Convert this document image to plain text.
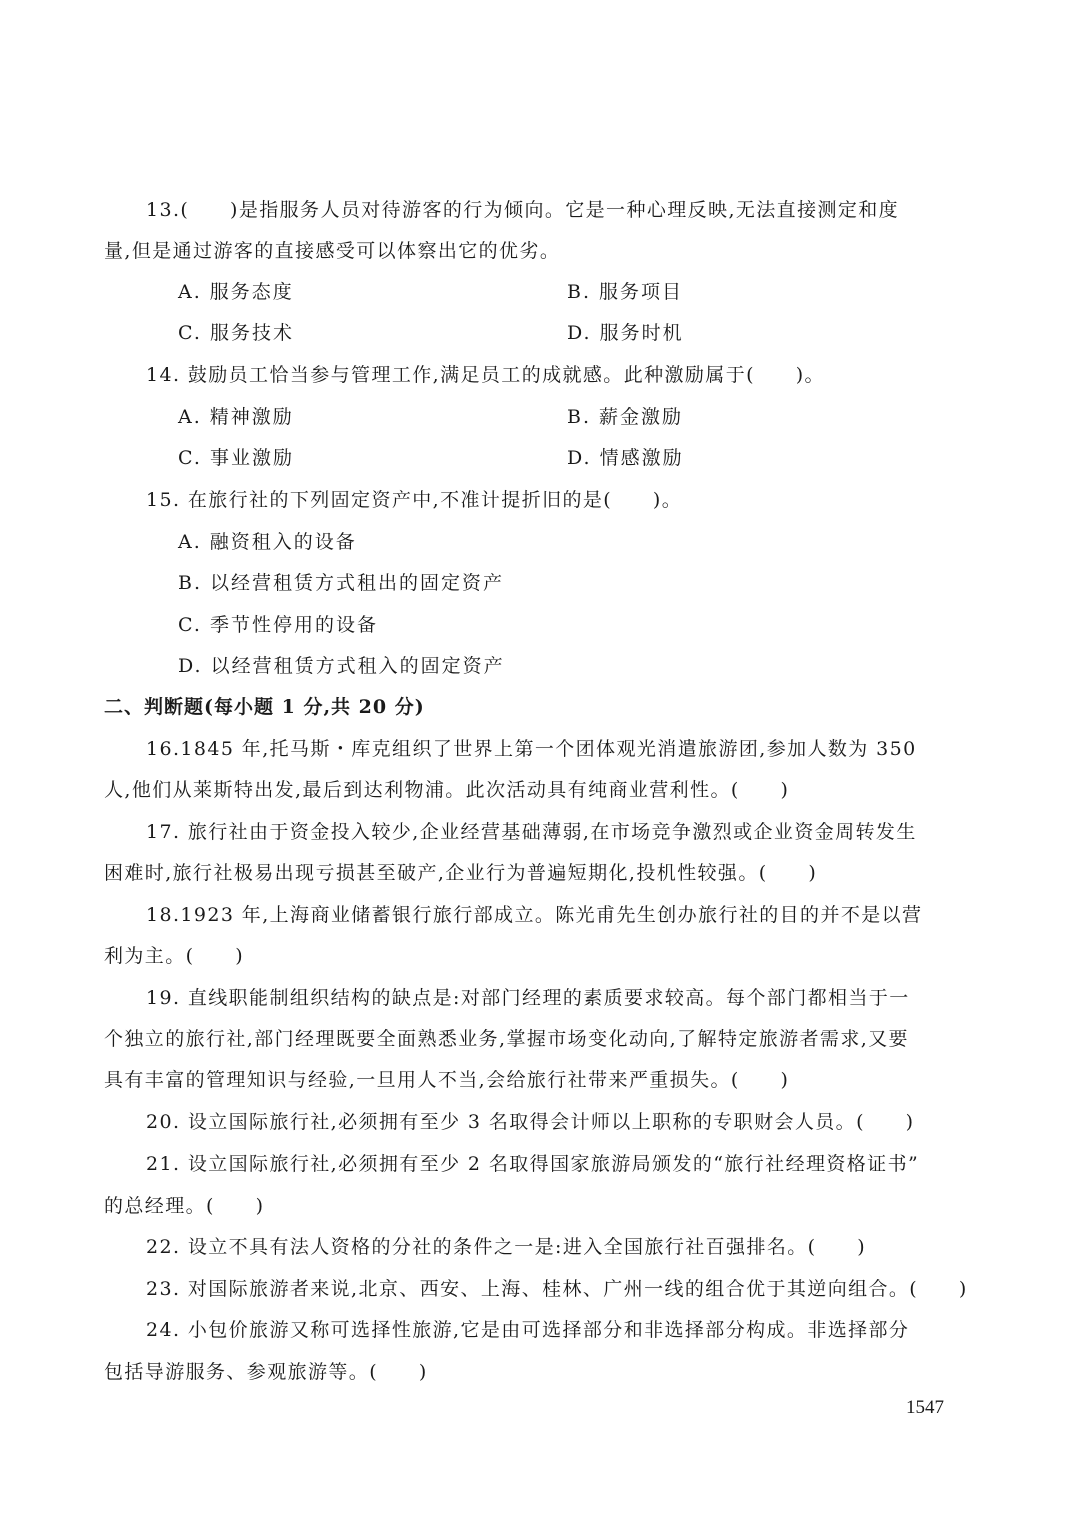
13.(　　)是指服务人员对待游客的行为倾向。它是一种心理反映,无法直接测定和度
量,但是通过游客的直接感受可以体察出它的优劣。
A. 服务态度	B. 服务项目
C. 服务技术	D. 服务时机
14. 鼓励员工恰当参与管理工作,满足员工的成就感。此种激励属于(　　)。
A. 精神激励	B. 薪金激励
C. 事业激励	D. 情感激励
15. 在旅行社的下列固定资产中,不准计提折旧的是(　　)。
A. 融资租入的设备
B. 以经营租赁方式租出的固定资产
C. 季节性停用的设备
D. 以经营租赁方式租入的固定资产
二、判断题(每小题 1 分,共 20 分)
16.1845 年,托马斯・库克组织了世界上第一个团体观光消遣旅游团,参加人数为 350
人,他们从莱斯特出发,最后到达利物浦。此次活动具有纯商业营利性。(　　)
17. 旅行社由于资金投入较少,企业经营基础薄弱,在市场竞争激烈或企业资金周转发生
困难时,旅行社极易出现亏损甚至破产,企业行为普遍短期化,投机性较强。(　　)
18.1923 年,上海商业储蓄银行旅行部成立。陈光甫先生创办旅行社的目的并不是以营
利为主。(　　)
19. 直线职能制组织结构的缺点是:对部门经理的素质要求较高。每个部门都相当于一
个独立的旅行社,部门经理既要全面熟悉业务,掌握市场变化动向,了解特定旅游者需求,又要
具有丰富的管理知识与经验,一旦用人不当,会给旅行社带来严重损失。(　　)
20. 设立国际旅行社,必须拥有至少 3 名取得会计师以上职称的专职财会人员。(　　)
21. 设立国际旅行社,必须拥有至少 2 名取得国家旅游局颁发的“旅行社经理资格证书”
的总经理。(　　)
22. 设立不具有法人资格的分社的条件之一是:进入全国旅行社百强排名。(　　)
23. 对国际旅游者来说,北京、西安、上海、桂林、广州一线的组合优于其逆向组合。(　　)
24. 小包价旅游又称可选择性旅游,它是由可选择部分和非选择部分构成。非选择部分
包括导游服务、参观旅游等。(　　)
1547
